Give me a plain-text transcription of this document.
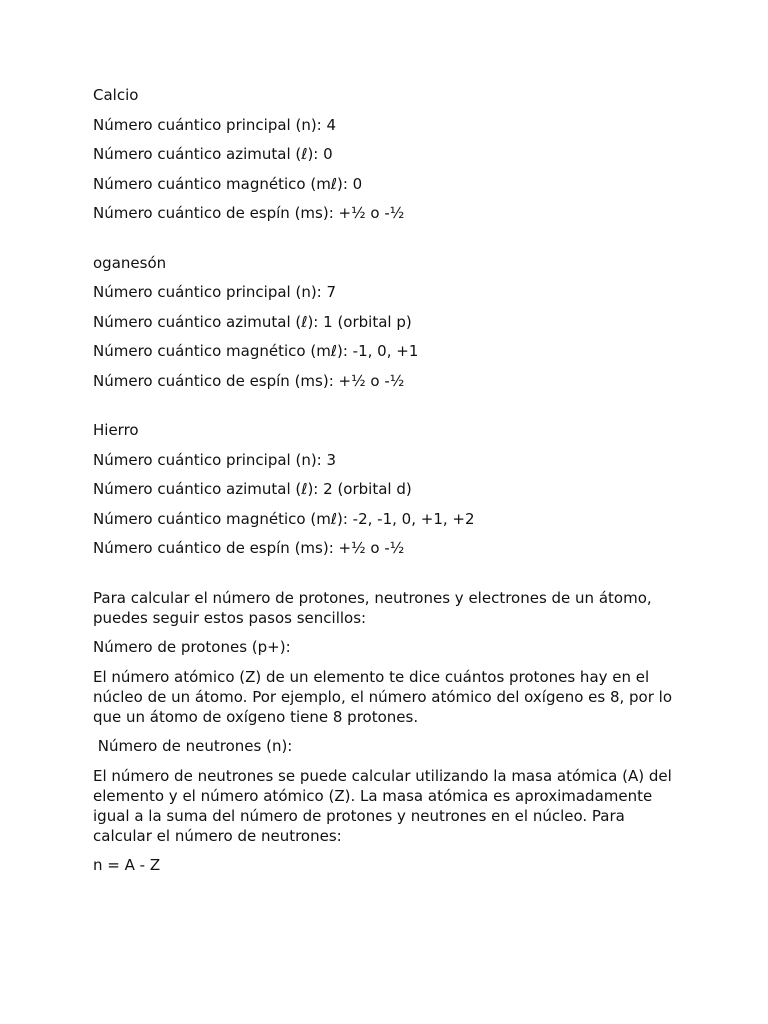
Calcio
Número cuántico principal (n): 4
Número cuántico azimutal (ℓ): 0
Número cuántico magnético (mℓ): 0
Número cuántico de espín (ms): +½ o -½
oganesón
Número cuántico principal (n): 7
Número cuántico azimutal (ℓ): 1 (orbital p)
Número cuántico magnético (mℓ): -1, 0, +1
Número cuántico de espín (ms): +½ o -½
Hierro
Número cuántico principal (n): 3
Número cuántico azimutal (ℓ): 2 (orbital d)
Número cuántico magnético (mℓ): -2, -1, 0, +1, +2
Número cuántico de espín (ms): +½ o -½
Para calcular el número de protones, neutrones y electrones de un átomo, puedes seguir estos pasos sencillos:
Número de protones (p+):
El número atómico (Z) de un elemento te dice cuántos protones hay en el núcleo de un átomo. Por ejemplo, el número atómico del oxígeno es 8, por lo que un átomo de oxígeno tiene 8 protones.
Número de neutrones (n):
El número de neutrones se puede calcular utilizando la masa atómica (A) del elemento y el número atómico (Z). La masa atómica es aproximadamente igual a la suma del número de protones y neutrones en el núcleo. Para calcular el número de neutrones:
n = A - Z
